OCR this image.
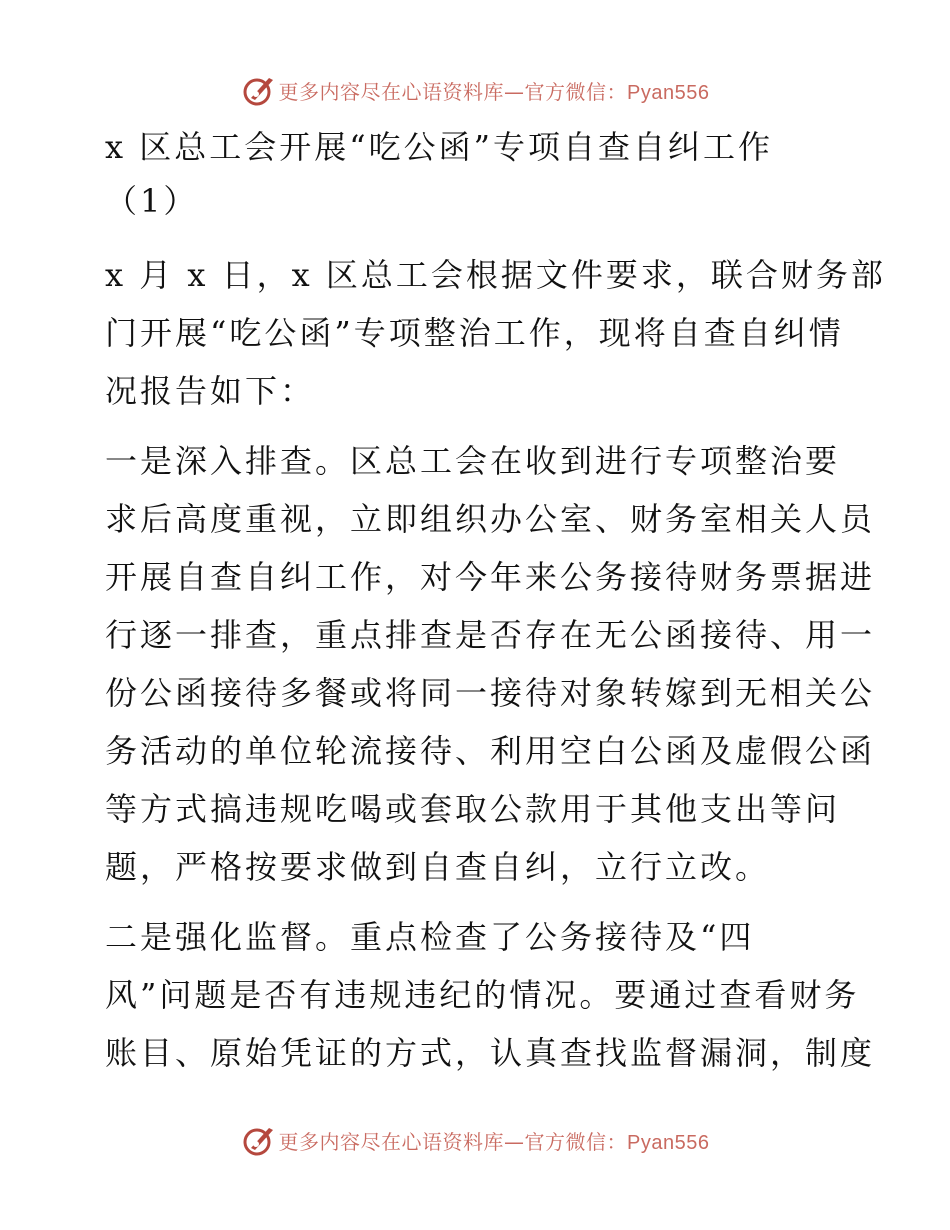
更多内容尽在心语资料库—官方微信：Pyan556
x 区总工会开展“吃公函”专项自查自纠工作
（1）
x 月 x 日，x 区总工会根据文件要求，联合财务部
门开展“吃公函”专项整治工作，现将自查自纠情
况报告如下：
一是深入排查。区总工会在收到进行专项整治要
求后高度重视，立即组织办公室、财务室相关人员
开展自查自纠工作，对今年来公务接待财务票据进
行逐一排查，重点排查是否存在无公函接待、用一
份公函接待多餐或将同一接待对象转嫁到无相关公
务活动的单位轮流接待、利用空白公函及虚假公函
等方式搞违规吃喝或套取公款用于其他支出等问
题，严格按要求做到自查自纠，立行立改。
二是强化监督。重点检查了公务接待及“四
风”问题是否有违规违纪的情况。要通过查看财务
账目、原始凭证的方式，认真查找监督漏洞，制度
更多内容尽在心语资料库—官方微信：Pyan556
